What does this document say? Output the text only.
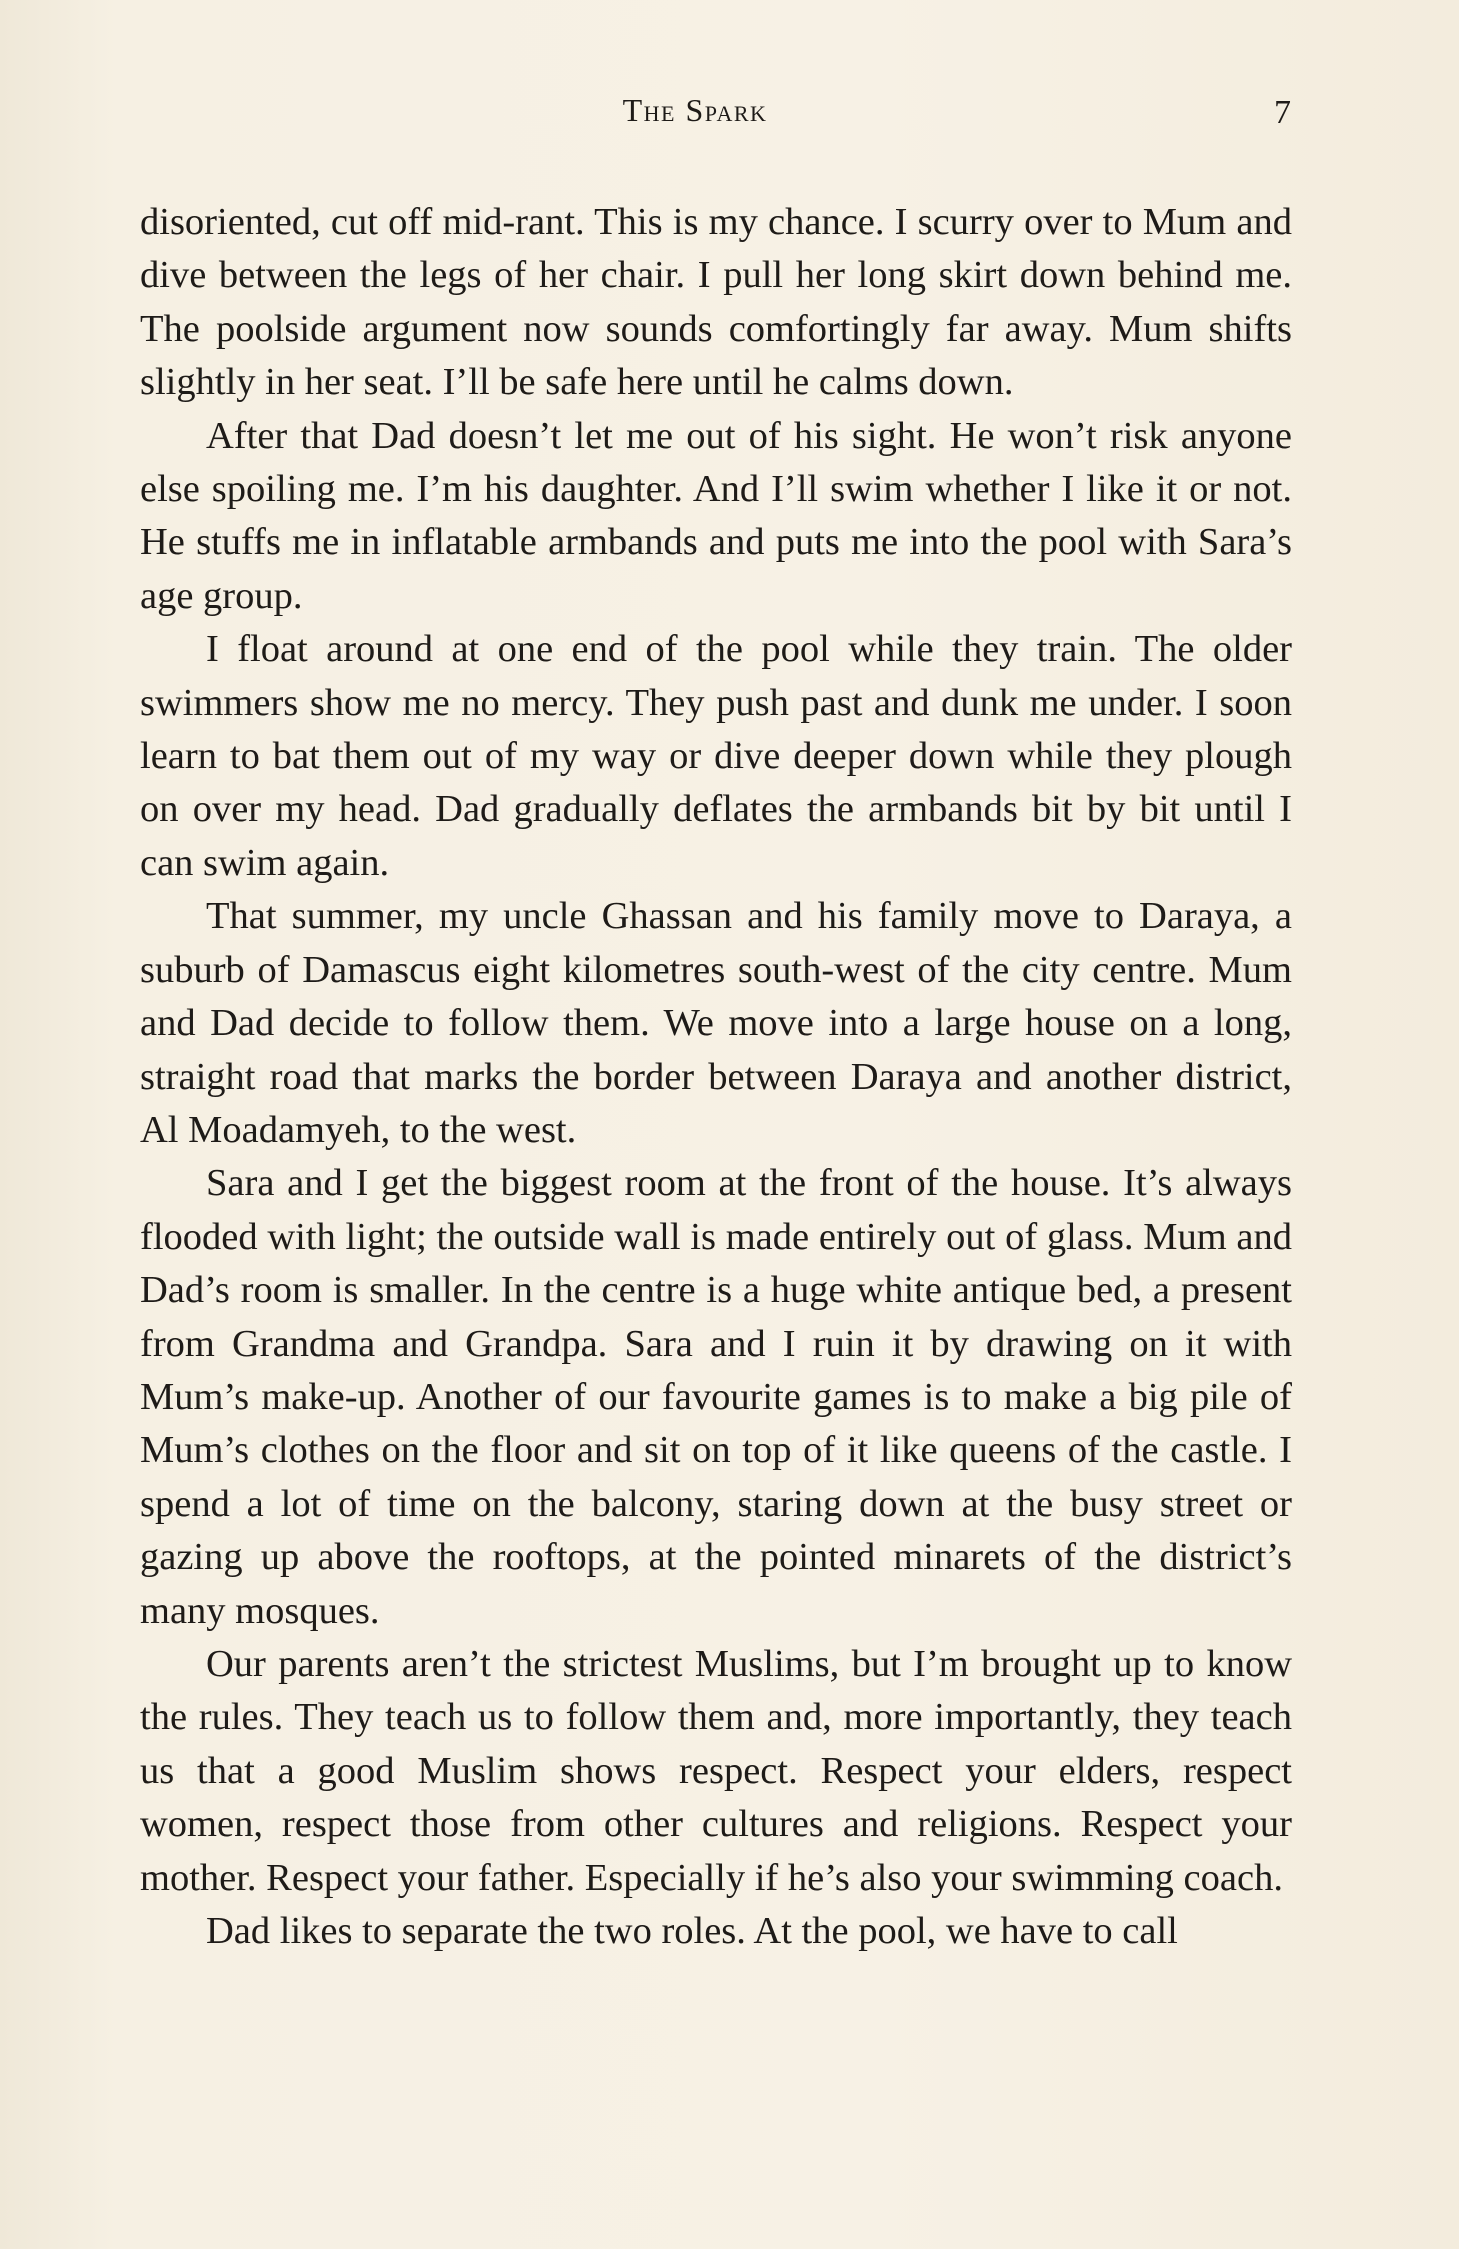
The Spark	7

disoriented, cut off mid-rant. This is my chance. I scurry over to Mum and dive between the legs of her chair. I pull her long skirt down behind me. The poolside argument now sounds comfortingly far away. Mum shifts slightly in her seat. I’ll be safe here until he calms down.

After that Dad doesn’t let me out of his sight. He won’t risk anyone else spoiling me. I’m his daughter. And I’ll swim whether I like it or not. He stuffs me in inflatable armbands and puts me into the pool with Sara’s age group.

I float around at one end of the pool while they train. The older swimmers show me no mercy. They push past and dunk me under. I soon learn to bat them out of my way or dive deeper down while they plough on over my head. Dad gradually deflates the armbands bit by bit until I can swim again.

That summer, my uncle Ghassan and his family move to Daraya, a suburb of Damascus eight kilometres south-west of the city centre. Mum and Dad decide to follow them. We move into a large house on a long, straight road that marks the border between Daraya and another district, Al Moadamyeh, to the west.

Sara and I get the biggest room at the front of the house. It’s always flooded with light; the outside wall is made entirely out of glass. Mum and Dad’s room is smaller. In the centre is a huge white antique bed, a present from Grandma and Grandpa. Sara and I ruin it by drawing on it with Mum’s make-up. Another of our favourite games is to make a big pile of Mum’s clothes on the floor and sit on top of it like queens of the castle. I spend a lot of time on the balcony, staring down at the busy street or gazing up above the rooftops, at the pointed minarets of the district’s many mosques.

Our parents aren’t the strictest Muslims, but I’m brought up to know the rules. They teach us to follow them and, more importantly, they teach us that a good Muslim shows respect. Respect your elders, respect women, respect those from other cultures and religions. Respect your mother. Respect your father. Especially if he’s also your swimming coach.

Dad likes to separate the two roles. At the pool, we have to call
